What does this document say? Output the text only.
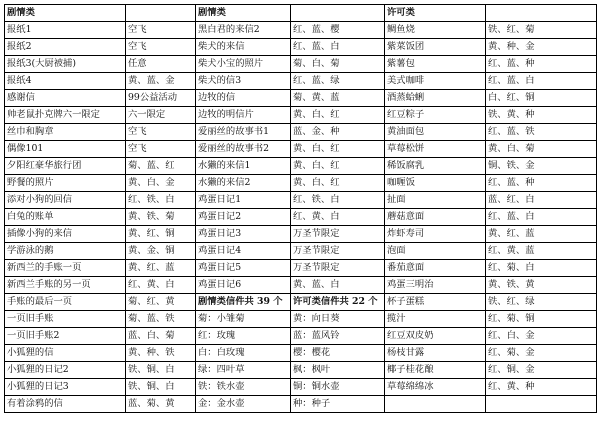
剧情类		剧情类		许可类	
报纸1	空飞	黑白君的来信2	红、蓝、樱	鲷鱼烧	铁、红、菊
报纸2	空飞	柴犬的来信	红、蓝、白	紫菜饭团	黄、种、金
报纸3(大厨被捕)	任意	柴犬小宝的照片	菊、白、菊	紫薯包	红、蓝、种
报纸4	黄、蓝、金	柴犬的信3	红、蓝、绿	美式咖啡	红、蓝、白
感谢信	99公益活动	边牧的信	菊、黄、蓝	酒蒸蛤蜊	白、红、铜
帅老鼠扑克牌六一限定	六一限定	边牧的明信片	黄、白、红	红豆粽子	铁、黄、种
丝巾和胸章	空飞	爱丽丝的故事书1	蓝、金、种	黄油面包	红、蓝、铁
偶像101	空飞	爱丽丝的故事书2	黄、白、红	草莓松饼	黄、白、菊
夕阳红豪华旅行团	菊、蓝、红	水獭的来信1	黄、白、红	稀饭腐乳	铜、铁、金
野餐的照片	黄、白、金	水獭的来信2	黄、白、红	咖喱饭	红、蓝、种
添对小狗的回信	红、铁、白	鸡蛋日记1	红、铁、白	扯面	蓝、红、白
白兔的账单	黄、铁、菊	鸡蛋日记2	红、黄、白	蘑菇意面	红、蓝、白
插像小狗的来信	黄、红、铜	鸡蛋日记3	万圣节限定	炸虾寿司	黄、红、蓝
学游泳的鹅	黄、金、铜	鸡蛋日记4	万圣节限定	泡面	红、黄、蓝
新西兰的手账一页	黄、红、蓝	鸡蛋日记5	万圣节限定	番茄意面	红、菊、白
新西兰手账的另一页	红、黄、白	鸡蛋日记6	黄、蓝、白	鸡蛋三明治	黄、铁、黄
手账的最后一页	菊、红、黄	剧情类信件共 39 个	许可类信件共 22 个	杯子蛋糕	铁、红、绿
一页旧手账	菊、蓝、铁	菊：小雏菊	黄：向日葵	揽汁	红、菊、铜
一页旧手账2	蓝、白、菊	红：玫瑰	蓝：蓝风铃	红豆双皮奶	红、白、金
小狐狸的信	黄、种、铁	白：白玫瑰	樱：樱花	杨枝甘露	红、菊、金
小狐狸的日记2	铁、铜、白	绿：四叶草	枫：枫叶	椰子桂花酿	红、铜、金
小狐狸的日记3	铁、铜、白	铁：铁水壶	铜：铜水壶	草莓绵绵冰	红、黄、种
有着涂鸦的信	蓝、菊、黄	金：金水壶	种：种子		
